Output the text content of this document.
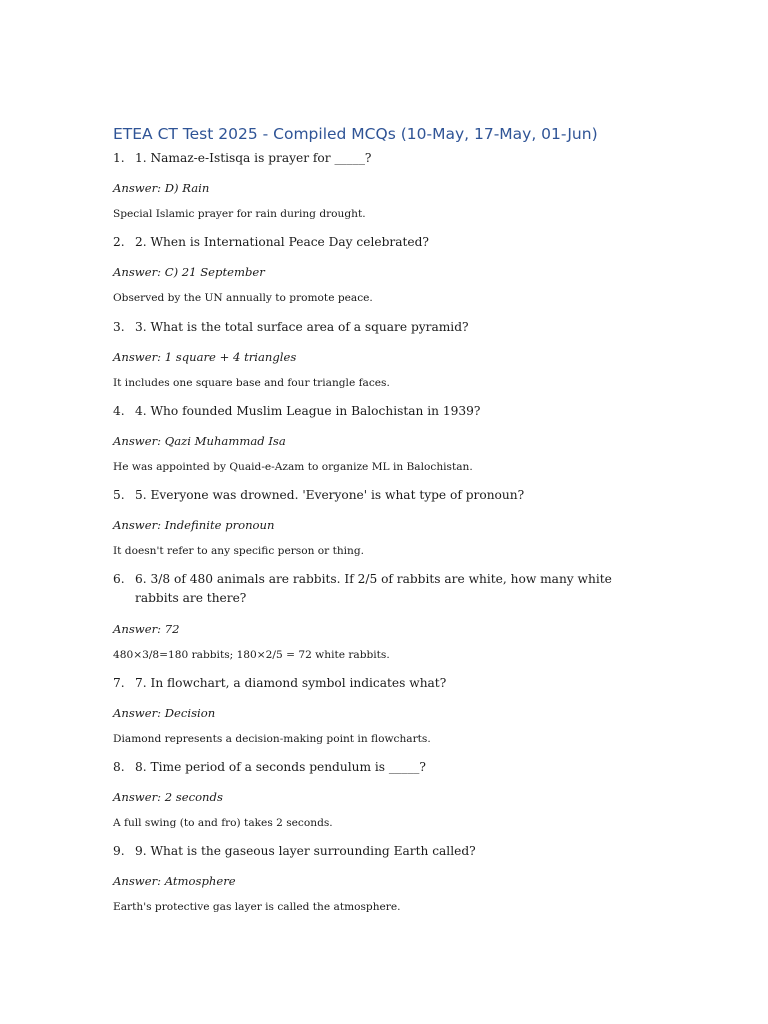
ETEA CT Test 2025 - Compiled MCQs (10-May, 17-May, 01-Jun)
1. 1. Namaz-e-Istisqa is prayer for _____?
Answer: D) Rain
Special Islamic prayer for rain during drought.
2. 2. When is International Peace Day celebrated?
Answer: C) 21 September
Observed by the UN annually to promote peace.
3. 3. What is the total surface area of a square pyramid?
Answer: 1 square + 4 triangles
It includes one square base and four triangle faces.
4. 4. Who founded Muslim League in Balochistan in 1939?
Answer: Qazi Muhammad Isa
He was appointed by Quaid-e-Azam to organize ML in Balochistan.
5. 5. Everyone was drowned. 'Everyone' is what type of pronoun?
Answer: Indefinite pronoun
It doesn't refer to any specific person or thing.
6. 6. 3/8 of 480 animals are rabbits. If 2/5 of rabbits are white, how many white rabbits are there?
Answer: 72
480×3/8=180 rabbits; 180×2/5 = 72 white rabbits.
7. 7. In flowchart, a diamond symbol indicates what?
Answer: Decision
Diamond represents a decision-making point in flowcharts.
8. 8. Time period of a seconds pendulum is _____?
Answer: 2 seconds
A full swing (to and fro) takes 2 seconds.
9. 9. What is the gaseous layer surrounding Earth called?
Answer: Atmosphere
Earth's protective gas layer is called the atmosphere.
